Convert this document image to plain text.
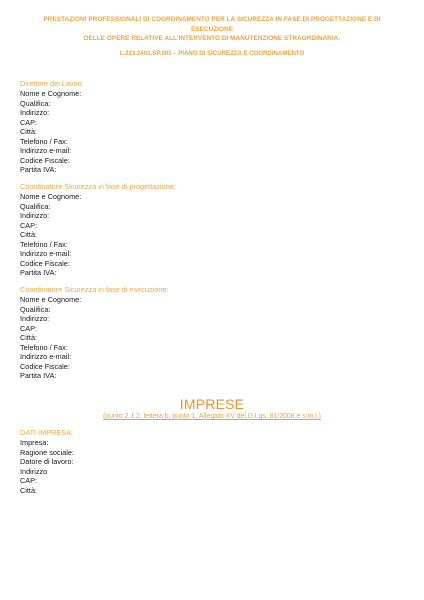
PRESTAZIONI PROFESSIONALI DI COORDINAMENTO PER LA SICUREZZA IN FASE DI PROGETTAZIONE E DI ESECUZIONE
DELLE OPERE RELATIVE ALL'INTERVENTO DI MANUTENZIONE STRAORDINARIA.
L.223.2401.SP.001 – PIANO DI SICUREZZA E COORDINAMENTO
Direttore dei Lavori:
Nome e Cognome:
Qualifica:
Indirizzo:
CAP:
Città:
Telefono / Fax:
Indirizzo e-mail:
Codice Fiscale:
Partita IVA:
Coordinatore Sicurezza in fase di progettazione:
Nome e Cognome:
Qualifica:
Indirizzo:
CAP:
Città:
Telefono / Fax:
Indirizzo e-mail:
Codice Fiscale:
Partita IVA:
Coordinatore Sicurezza in fase di esecuzione:
Nome e Cognome:
Qualifica:
Indirizzo:
CAP:
Città:
Telefono / Fax:
Indirizzo e-mail:
Codice Fiscale:
Partita IVA:
IMPRESE
(punto 2.1.2, lettera b, punto 1, Allegato XV del D.Lgs. 81/2008 e s.m.i.)
DATI IMPRESA:
Impresa:
Ragione sociale:
Datore di lavoro:
Indirizzo
CAP:
Città:
